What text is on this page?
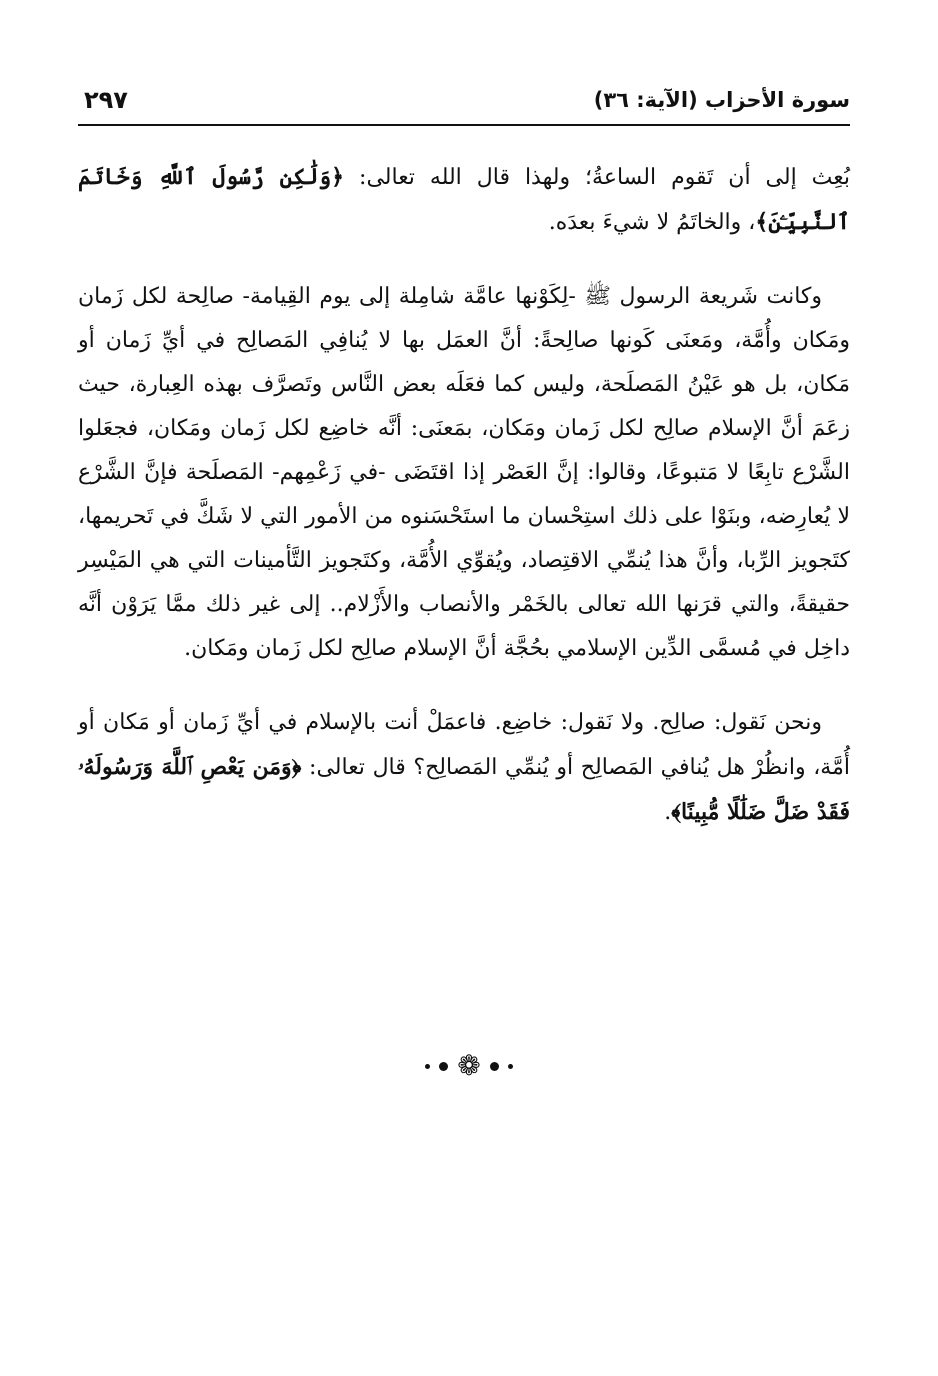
سورة الأحزاب (الآية: ٣٦)
٢٩٧

بُعِث إلى أن تَقوم الساعةُ؛ ولهذا قال الله تعالى: ﴿وَلَٰكِن رَّسُولَ ٱللَّهِ وَخَاتَمَ ٱلنَّبِيِّـۧنَ﴾، والخاتَمُ لا شيءَ بعدَه.

وكانت شَريعة الرسول ﷺ -لِكَوْنها عامَّة شامِلة إلى يوم القِيامة- صالِحة لكل زَمان ومَكان وأُمَّة، ومَعنَى كَونها صالِحةً: أنَّ العمَل بها لا يُنافِي المَصالِح في أيِّ زَمان أو مَكان، بل هو عَيْنُ المَصلَحة، وليس كما فعَلَه بعض النَّاس وتَصرَّف بهذه العِبارة، حيث زعَمَ أنَّ الإسلام صالِح لكل زَمان ومَكان، بمَعنَى: أنَّه خاضِع لكل زَمان ومَكان، فجعَلوا الشَّرْع تابِعًا لا مَتبوعًا، وقالوا: إنَّ العَصْر إذا اقتَضَى -في زَعْمِهم- المَصلَحة فإنَّ الشَّرْع لا يُعارِضه، وبنَوْا على ذلك استِحْسان ما استَحْسَنوه من الأمور التي لا شَكَّ في تَحريمها، كتَجويز الرِّبا، وأنَّ هذا يُنمِّي الاقتِصاد، ويُقوِّي الأُمَّة، وكتَجويز التَّأمينات التي هي المَيْسِر حقيقةً، والتي قرَنها الله تعالى بالخَمْر والأنصاب والأَزْلام.. إلى غير ذلك ممَّا يَرَوْن أنَّه داخِل في مُسمَّى الدِّين الإسلامي بحُجَّة أنَّ الإسلام صالِح لكل زَمان ومَكان.

ونحن نَقول: صالِح. ولا نَقول: خاضِع. فاعمَلْ أنت بالإسلام في أيِّ زَمان أو مَكان أو أُمَّة، وانظُرْ هل يُنافي المَصالِح أو يُنمِّي المَصالِح؟ قال تعالى: ﴿وَمَن يَعْصِ ٱللَّهَ وَرَسُولَهُۥ فَقَدْ ضَلَّ ضَلَٰلًا مُّبِينًا﴾.

❁
